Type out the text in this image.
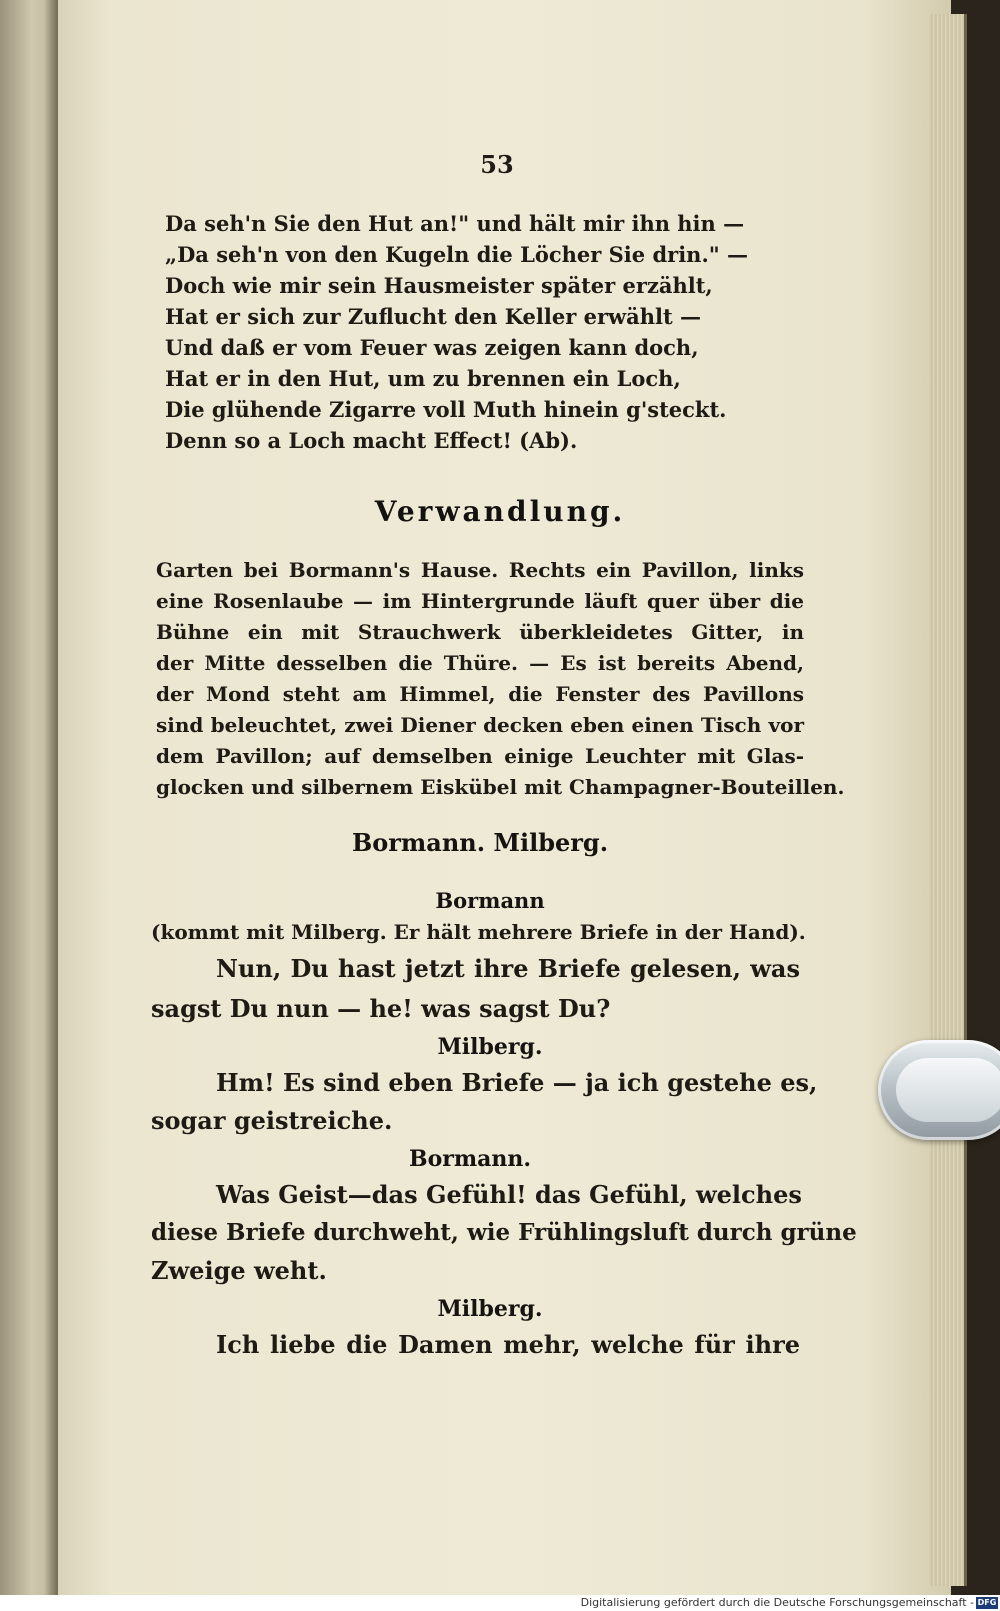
53
Da seh'n Sie den Hut an!" und hält mir ihn hin —
„Da seh'n von den Kugeln die Löcher Sie drin." —
Doch wie mir sein Hausmeister später erzählt,
Hat er sich zur Zuflucht den Keller erwählt —
Und daß er vom Feuer was zeigen kann doch,
Hat er in den Hut, um zu brennen ein Loch,
Die glühende Zigarre voll Muth hinein g'steckt.
Denn so a Loch macht Effect! (Ab).
Verwandlung.
Garten bei Bormann's Hause. Rechts ein Pavillon, links
eine Rosenlaube — im Hintergrunde läuft quer über die
Bühne ein mit Strauchwerk überkleidetes Gitter, in
der Mitte desselben die Thüre. — Es ist bereits Abend,
der Mond steht am Himmel, die Fenster des Pavillons
sind beleuchtet, zwei Diener decken eben einen Tisch vor
dem Pavillon; auf demselben einige Leuchter mit Glas-
glocken und silbernem Eiskübel mit Champagner-Bouteillen.
Bormann. Milberg.
Bormann
(kommt mit Milberg. Er hält mehrere Briefe in der Hand).
Nun, Du hast jetzt ihre Briefe gelesen, was
sagst Du nun — he! was sagst Du?
Milberg.
Hm! Es sind eben Briefe — ja ich gestehe es,
sogar geistreiche.
Bormann.
Was Geist—das Gefühl! das Gefühl, welches
diese Briefe durchweht, wie Frühlingsluft durch grüne
Zweige weht.
Milberg.
Ich liebe die Damen mehr, welche für ihre
Digitalisierung gefördert durch die Deutsche Forschungsgemeinschaft - DFG
